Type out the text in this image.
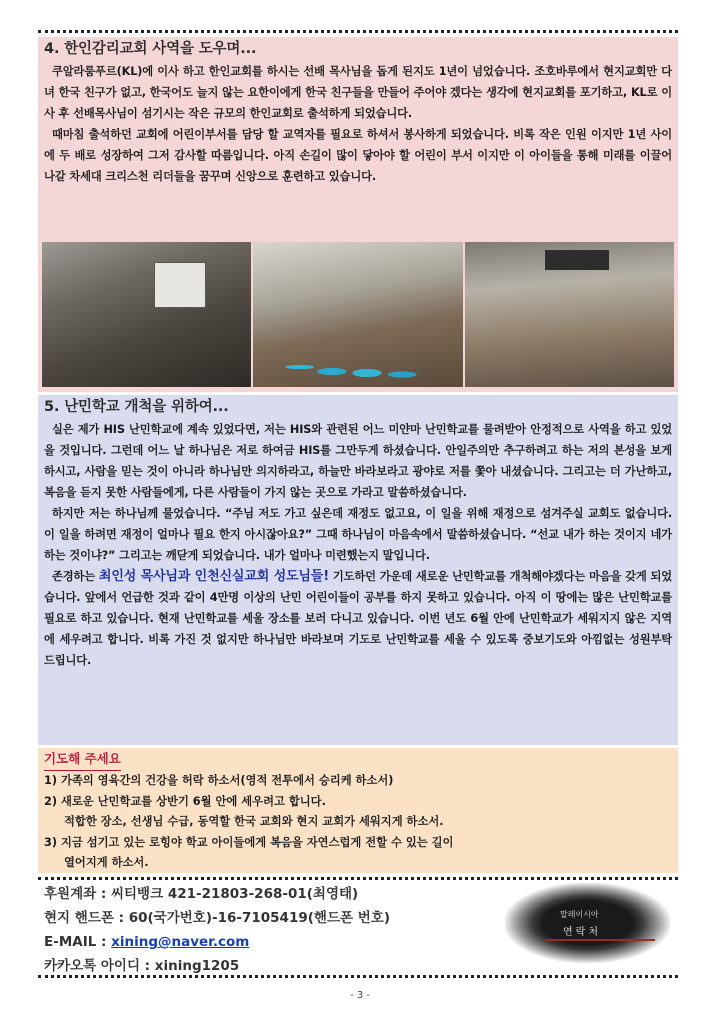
4. 한인감리교회 사역을 도우며...

쿠알라룸푸르(KL)에 이사 하고 한인교회를 하시는 선배 목사님을 돕게 된지도 1년이 넘었습니다. 조호바루에서 현지교회만 다녀 한국 친구가 없고, 한국어도 늘지 않는 요한이에게 한국 친구들을 만들어 주어야 겠다는 생각에 현지교회를 포기하고, KL로 이사 후 선배목사님이 섬기시는 작은 규모의 한인교회로 출석하게 되었습니다.

때마침 출석하던 교회에 어린이부서를 담당 할 교역자를 필요로 하셔서 봉사하게 되었습니다. 비록 작은 인원 이지만 1년 사이에 두 배로 성장하여 그저 감사할 따름입니다. 아직 손길이 많이 닿아야 할 어린이 부서 이지만 이 아이들을 통해 미래를 이끌어 나갈 차세대 크리스천 리더들을 꿈꾸며 신앙으로 훈련하고 있습니다.

5. 난민학교 개척을 위하여...

실은 제가 HIS 난민학교에 계속 있었다면, 저는 HIS와 관련된 어느 미얀마 난민학교를 물려받아 안정적으로 사역을 하고 있었을 것입니다. 그런데 어느 날 하나님은 저로 하여금 HIS를 그만두게 하셨습니다. 안일주의만 추구하려고 하는 저의 본성을 보게 하시고, 사람을 믿는 것이 아니라 하나님만 의지하라고, 하늘만 바라보라고 광야로 저를 쫓아 내셨습니다. 그리고는 더 가난하고, 복음을 듣지 못한 사람들에게, 다른 사람들이 가지 않는 곳으로 가라고 말씀하셨습니다.

하지만 저는 하나님께 물었습니다. “주님 저도 가고 싶은데 재정도 없고요, 이 일을 위해 재정으로 섬겨주실 교회도 없습니다. 이 일을 하려면 재정이 얼마나 필요 한지 아시잖아요?” 그때 하나님이 마음속에서 말씀하셨습니다. “선교 내가 하는 것이지 네가 하는 것이냐?” 그리고는 깨닫게 되었습니다. 내가 얼마나 미련했는지 말입니다.

존경하는 최인성 목사님과 인천신실교회 성도님들! 기도하던 가운데 새로운 난민학교를 개척해야겠다는 마음을 갖게 되었습니다. 앞에서 언급한 것과 같이 4만명 이상의 난민 어린이들이 공부를 하지 못하고 있습니다. 아직 이 땅에는 많은 난민학교를 필요로 하고 있습니다. 현재 난민학교를 세울 장소를 보러 다니고 있습니다. 이번 년도 6월 안에 난민학교가 세워지지 않은 지역에 세우려고 합니다. 비록 가진 것 없지만 하나님만 바라보며 기도로 난민학교를 세울 수 있도록 중보기도와 아낌없는 성원부탁 드립니다.

기도해 주세요
1) 가족의 영육간의 건강을 허락 하소서(영적 전투에서 승리케 하소서)
2) 새로운 난민학교를 상반기 6월 안에 세우려고 합니다.
적합한 장소, 선생님 수급, 동역할 한국 교회와 현지 교회가 세워지게 하소서.
3) 지금 섬기고 있는 로힝야 학교 아이들에게 복음을 자연스럽게 전할 수 있는 길이
열어지게 하소서.
후원계좌 : 씨티뱅크 421-21803-268-01(최영태)
현지 핸드폰 : 60(국가번호)-16-7105419(핸드폰 번호)
E-MAIL : xining@naver.com
카카오톡 아이디 : xining1205
말레이시아
연락처
- 3 -
